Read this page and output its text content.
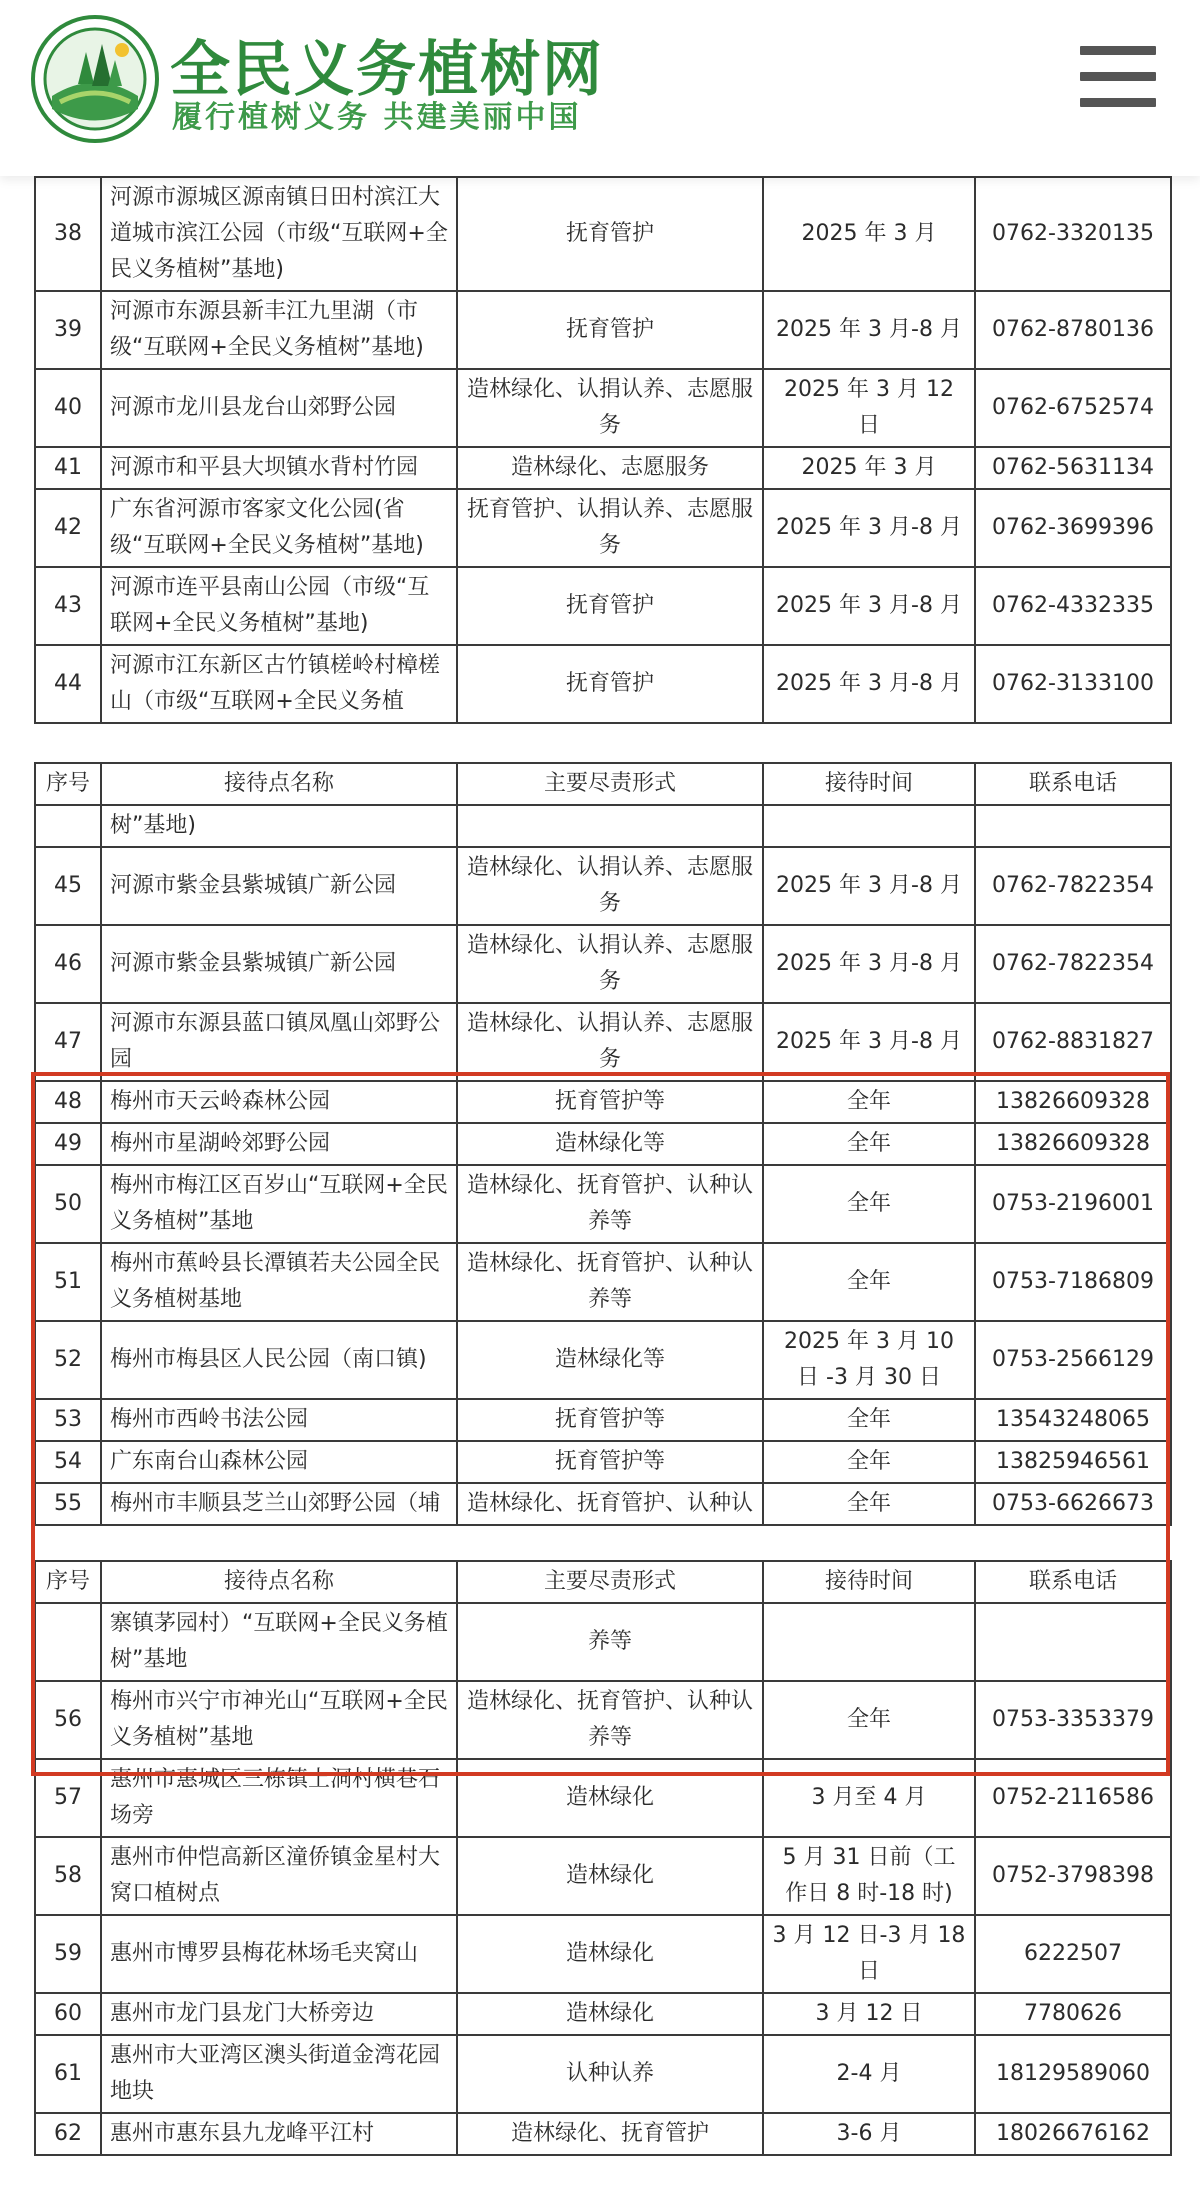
全民义务植树网
履行植树义务 共建美丽中国
38	河源市源城区源南镇日田村滨江大道城市滨江公园（市级“互联网+全民义务植树”基地)	抚育管护	2025 年 3 月	0762-3320135
39	河源市东源县新丰江九里湖（市级“互联网+全民义务植树”基地)	抚育管护	2025 年 3 月-8 月	0762-8780136
40	河源市龙川县龙台山郊野公园	造林绿化、认捐认养、志愿服务	2025 年 3 月 12 日	0762-6752574
41	河源市和平县大坝镇水背村竹园	造林绿化、志愿服务	2025 年 3 月	0762-5631134
42	广东省河源市客家文化公园(省级“互联网+全民义务植树”基地)	抚育管护、认捐认养、志愿服务	2025 年 3 月-8 月	0762-3699396
43	河源市连平县南山公园（市级“互联网+全民义务植树”基地)	抚育管护	2025 年 3 月-8 月	0762-4332335
44	河源市江东新区古竹镇槎岭村樟槎山（市级“互联网+全民义务植	抚育管护	2025 年 3 月-8 月	0762-3133100
序号	接待点名称	主要尽责形式	接待时间	联系电话
	树”基地)			
45	河源市紫金县紫城镇广新公园	造林绿化、认捐认养、志愿服务	2025 年 3 月-8 月	0762-7822354
46	河源市紫金县紫城镇广新公园	造林绿化、认捐认养、志愿服务	2025 年 3 月-8 月	0762-7822354
47	河源市东源县蓝口镇凤凰山郊野公园	造林绿化、认捐认养、志愿服务	2025 年 3 月-8 月	0762-8831827
48	梅州市天云岭森林公园	抚育管护等	全年	13826609328
49	梅州市星湖岭郊野公园	造林绿化等	全年	13826609328
50	梅州市梅江区百岁山“互联网+全民义务植树”基地	造林绿化、抚育管护、认种认养等	全年	0753-2196001
51	梅州市蕉岭县长潭镇若夫公园全民义务植树基地	造林绿化、抚育管护、认种认养等	全年	0753-7186809
52	梅州市梅县区人民公园（南口镇)	造林绿化等	2025 年 3 月 10 日 -3 月 30 日	0753-2566129
53	梅州市西岭书法公园	抚育管护等	全年	13543248065
54	广东南台山森林公园	抚育管护等	全年	13825946561
55	梅州市丰顺县芝兰山郊野公园（埔	造林绿化、抚育管护、认种认	全年	0753-6626673

序号	接待点名称	主要尽责形式	接待时间	联系电话
	寨镇茅园村）“互联网+全民义务植树”基地	养等		
56	梅州市兴宁市神光山“互联网+全民义务植树”基地	造林绿化、抚育管护、认种认养等	全年	0753-3353379
57	惠州市惠城区三栋镇上洞村横巷石场旁	造林绿化	3 月至 4 月	0752-2116586
58	惠州市仲恺高新区潼侨镇金星村大窝口植树点	造林绿化	5 月 31 日前（工作日 8 时-18 时)	0752-3798398
59	惠州市博罗县梅花林场毛夹窝山	造林绿化	3 月 12 日-3 月 18 日	6222507
60	惠州市龙门县龙门大桥旁边	造林绿化	3 月 12 日	7780626
61	惠州市大亚湾区澳头街道金湾花园地块	认种认养	2-4 月	18129589060
62	惠州市惠东县九龙峰平江村	造林绿化、抚育管护	3-6 月	18026676162
